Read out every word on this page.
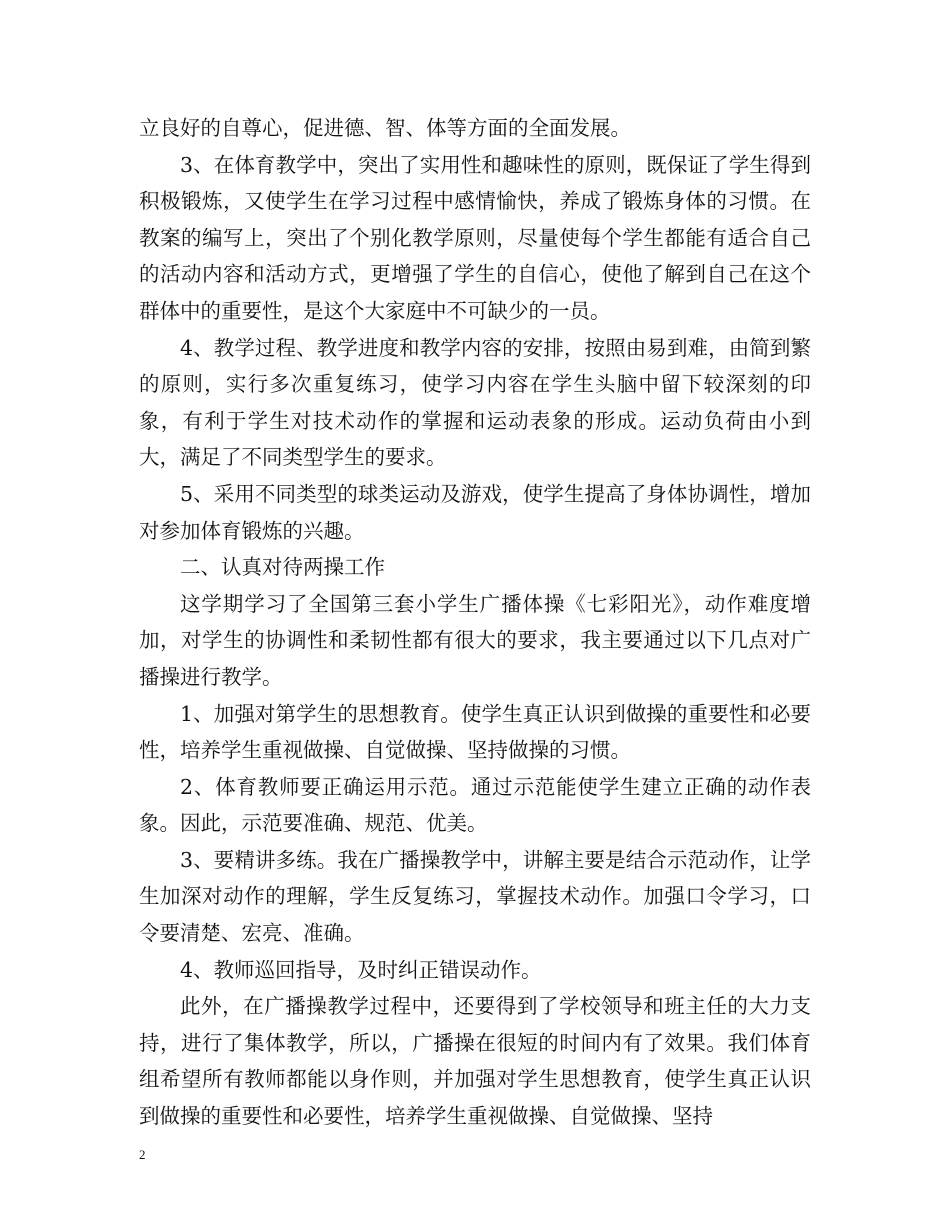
立良好的自尊心，促进德、智、体等方面的全面发展。

3、在体育教学中，突出了实用性和趣味性的原则，既保证了学生得到积极锻炼，又使学生在学习过程中感情愉快，养成了锻炼身体的习惯。在教案的编写上，突出了个别化教学原则，尽量使每个学生都能有适合自己的活动内容和活动方式，更增强了学生的自信心，使他了解到自己在这个群体中的重要性，是这个大家庭中不可缺少的一员。

4、教学过程、教学进度和教学内容的安排，按照由易到难，由简到繁的原则，实行多次重复练习，使学习内容在学生头脑中留下较深刻的印象，有利于学生对技术动作的掌握和运动表象的形成。运动负荷由小到大，满足了不同类型学生的要求。

5、采用不同类型的球类运动及游戏，使学生提高了身体协调性，增加对参加体育锻炼的兴趣。

二、认真对待两操工作

这学期学习了全国第三套小学生广播体操《七彩阳光》，动作难度增加，对学生的协调性和柔韧性都有很大的要求，我主要通过以下几点对广播操进行教学。

1、加强对第学生的思想教育。使学生真正认识到做操的重要性和必要性，培养学生重视做操、自觉做操、坚持做操的习惯。

2、体育教师要正确运用示范。通过示范能使学生建立正确的动作表象。因此，示范要准确、规范、优美。

3、要精讲多练。我在广播操教学中，讲解主要是结合示范动作，让学生加深对动作的理解，学生反复练习，掌握技术动作。加强口令学习，口令要清楚、宏亮、准确。

4、教师巡回指导，及时纠正错误动作。

此外，在广播操教学过程中，还要得到了学校领导和班主任的大力支持，进行了集体教学，所以，广播操在很短的时间内有了效果。我们体育组希望所有教师都能以身作则，并加强对学生思想教育，使学生真正认识到做操的重要性和必要性，培养学生重视做操、自觉做操、坚持

2
